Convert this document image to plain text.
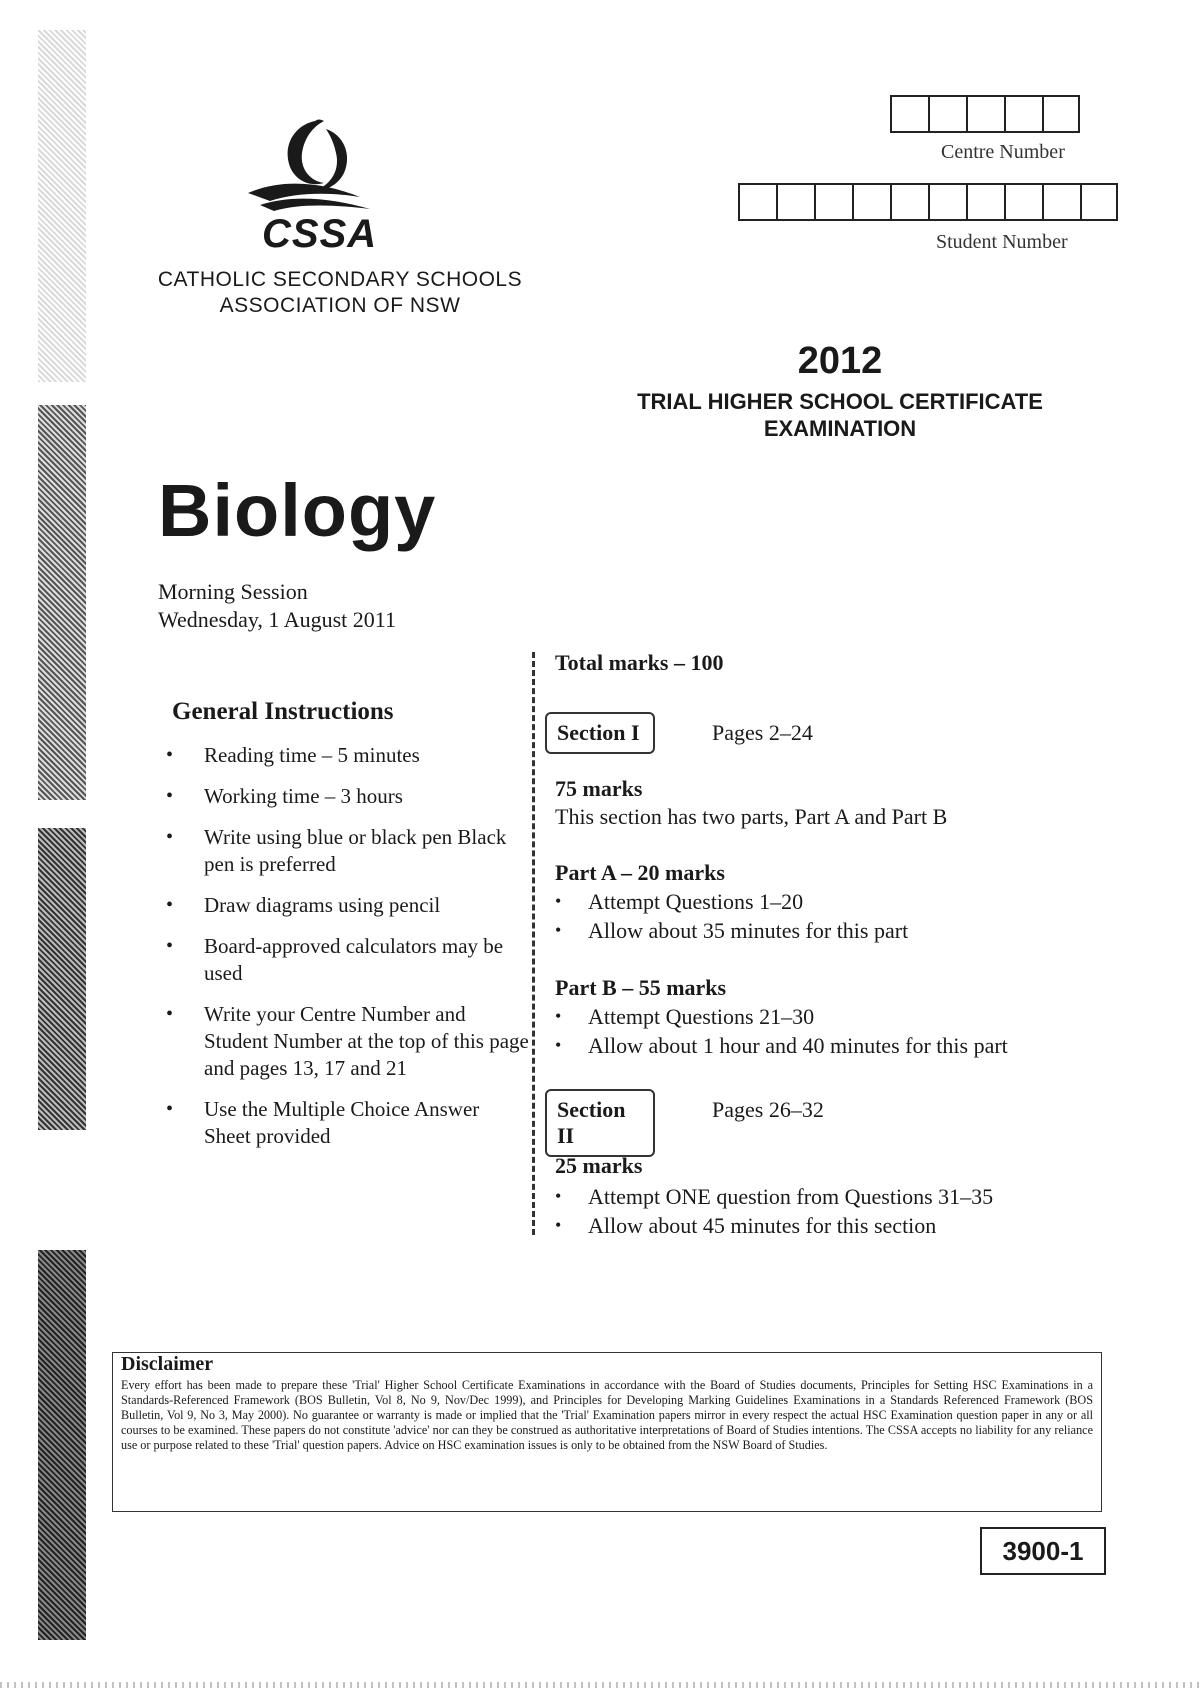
CSSA
CATHOLIC SECONDARY SCHOOLS
ASSOCIATION OF NSW
Centre Number
Student Number
2012
TRIAL HIGHER SCHOOL CERTIFICATE
EXAMINATION
Biology
Morning Session
Wednesday, 1 August 2011
General Instructions
• Reading time – 5 minutes
• Working time – 3 hours
• Write using blue or black pen Black pen is preferred
• Draw diagrams using pencil
• Board-approved calculators may be used
• Write your Centre Number and Student Number at the top of this page and pages 13, 17 and 21
• Use the Multiple Choice Answer Sheet provided
Total marks – 100
Section I	Pages 2–24
75 marks
This section has two parts, Part A and Part B
Part A – 20 marks
• Attempt Questions 1–20
• Allow about 35 minutes for this part
Part B – 55 marks
• Attempt Questions 21–30
• Allow about 1 hour and 40 minutes for this part
Section II
Pages 26–32
25 marks
• Attempt ONE question from Questions 31–35
• Allow about 45 minutes for this section
Disclaimer

Every effort has been made to prepare these 'Trial' Higher School Certificate Examinations in accordance with the Board of Studies documents, Principles for Setting HSC Examinations in a Standards-Referenced Framework (BOS Bulletin, Vol 8, No 9, Nov/Dec 1999), and Principles for Developing Marking Guidelines Examinations in a Standards Referenced Framework (BOS Bulletin, Vol 9, No 3, May 2000). No guarantee or warranty is made or implied that the 'Trial' Examination papers mirror in every respect the actual HSC Examination question paper in any or all courses to be examined. These papers do not constitute 'advice' nor can they be construed as authoritative interpretations of Board of Studies intentions. The CSSA accepts no liability for any reliance use or purpose related to these 'Trial' question papers. Advice on HSC examination issues is only to be obtained from the NSW Board of Studies.

3900-1
